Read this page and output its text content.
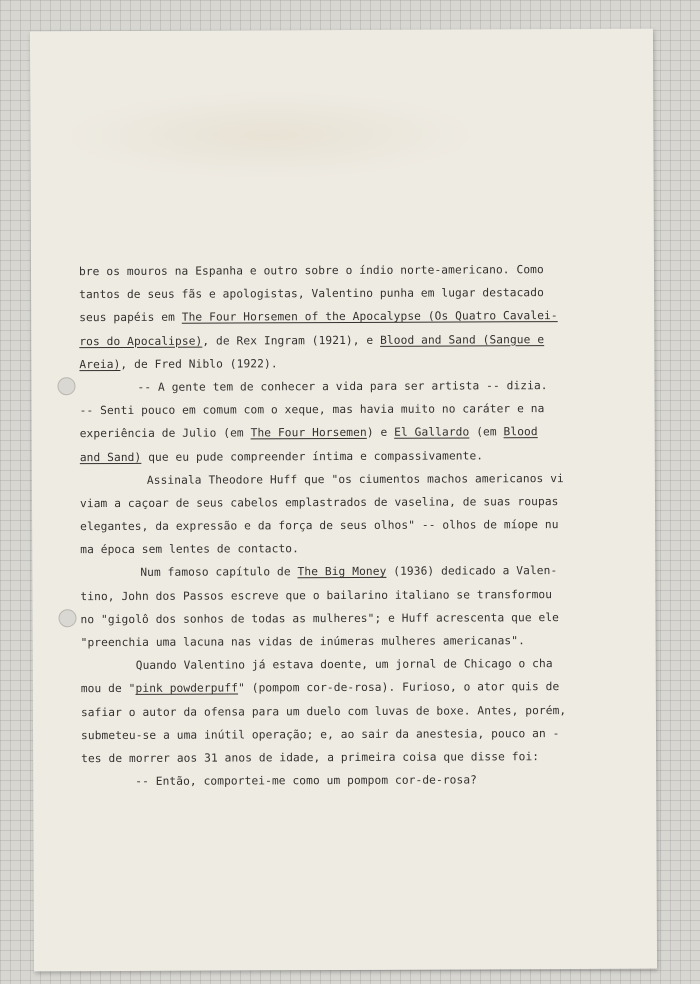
bre os mouros na Espanha e outro sobre o índio norte-americano. Como
tantos de seus fãs e apologistas, Valentino punha em lugar destacado
seus papéis em The Four Horsemen of the Apocalypse (Os Quatro Cavalei-
ros do Apocalipse), de Rex Ingram (1921), e Blood and Sand (Sangue e
Areia), de Fred Niblo (1922).
-- A gente tem de conhecer a vida para ser artista -- dizia.
-- Senti pouco em comum com o xeque, mas havia muito no caráter e na
experiência de Julio (em The Four Horsemen) e El Gallardo (em Blood
and Sand) que eu pude compreender íntima e compassivamente.
Assinala Theodore Huff que "os ciumentos machos americanos vi
viam a caçoar de seus cabelos emplastrados de vaselina, de suas roupas
elegantes, da expressão e da força de seus olhos" -- olhos de míope nu
ma época sem lentes de contacto.
Num famoso capítulo de The Big Money (1936) dedicado a Valen-
tino, John dos Passos escreve que o bailarino italiano se transformou
no "gigolô dos sonhos de todas as mulheres"; e Huff acrescenta que ele
"preenchia uma lacuna nas vidas de inúmeras mulheres americanas".
Quando Valentino já estava doente, um jornal de Chicago o cha
mou de "pink powderpuff" (pompom cor-de-rosa). Furioso, o ator quis de
safiar o autor da ofensa para um duelo com luvas de boxe. Antes, porém,
submeteu-se a uma inútil operação; e, ao sair da anestesia, pouco an -
tes de morrer aos 31 anos de idade, a primeira coisa que disse foi:
-- Então, comportei-me como um pompom cor-de-rosa?
